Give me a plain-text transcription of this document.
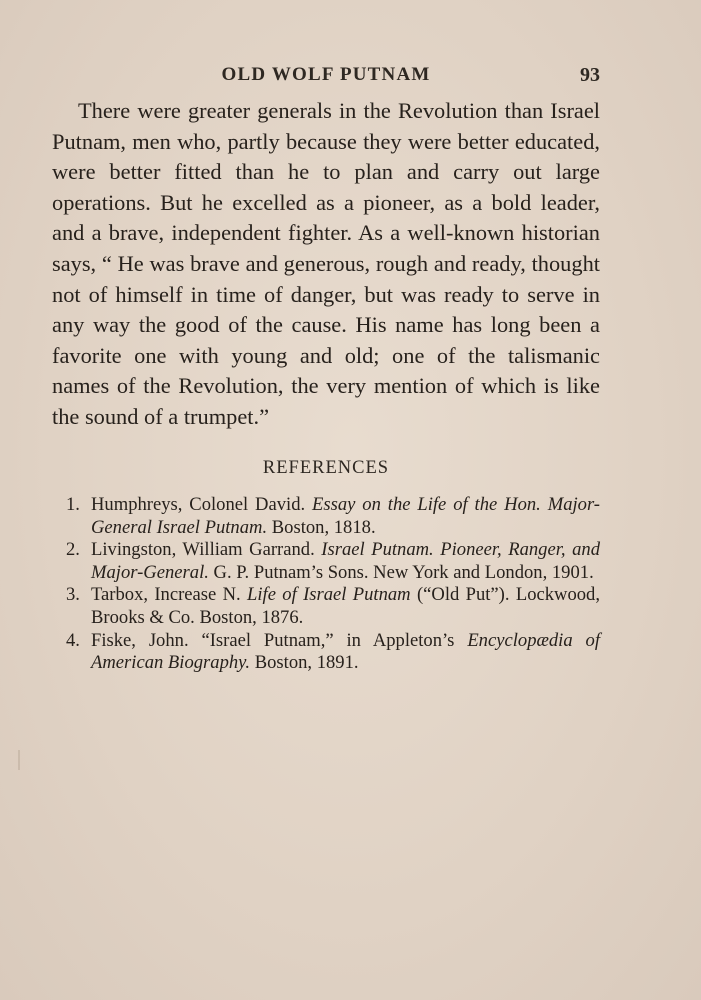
OLD WOLF PUTNAM	93

There were greater generals in the Revolution than Israel Putnam, men who, partly because they were better educated, were better fitted than he to plan and carry out large operations. But he excelled as a pioneer, as a bold leader, and a brave, independent fighter. As a well-known historian says, “ He was brave and generous, rough and ready, thought not of himself in time of danger, but was ready to serve in any way the good of the cause. His name has long been a favorite one with young and old; one of the talismanic names of the Revolution, the very mention of which is like the sound of a trumpet.”

REFERENCES
1. Humphreys, Colonel David. Essay on the Life of the Hon. Major-General Israel Putnam. Boston, 1818.
2. Livingston, William Garrand. Israel Putnam. Pioneer, Ranger, and Major-General. G. P. Putnam’s Sons. New York and London, 1901.
3. Tarbox, Increase N. Life of Israel Putnam (“Old Put”). Lockwood, Brooks & Co. Boston, 1876.
4. Fiske, John. “Israel Putnam,” in Appleton’s Encyclopædia of American Biography. Boston, 1891.
